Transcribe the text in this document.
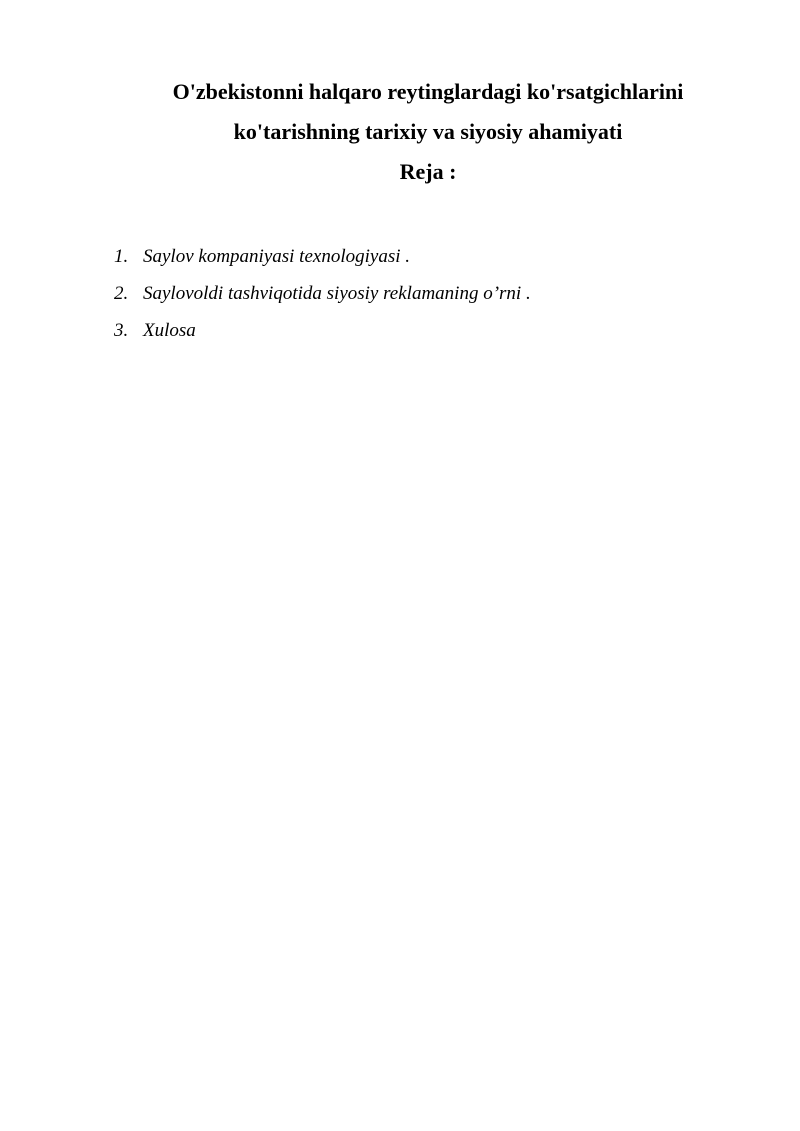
O'zbekistonni halqaro reytinglardagi ko'rsatgichlarini

ko'tarishning tarixiy va siyosiy ahamiyati

Reja :

1. Saylov kompaniyasi texnologiyasi .
2. Saylovoldi tashviqotida siyosiy reklamaning o’rni .
3. Xulosa
